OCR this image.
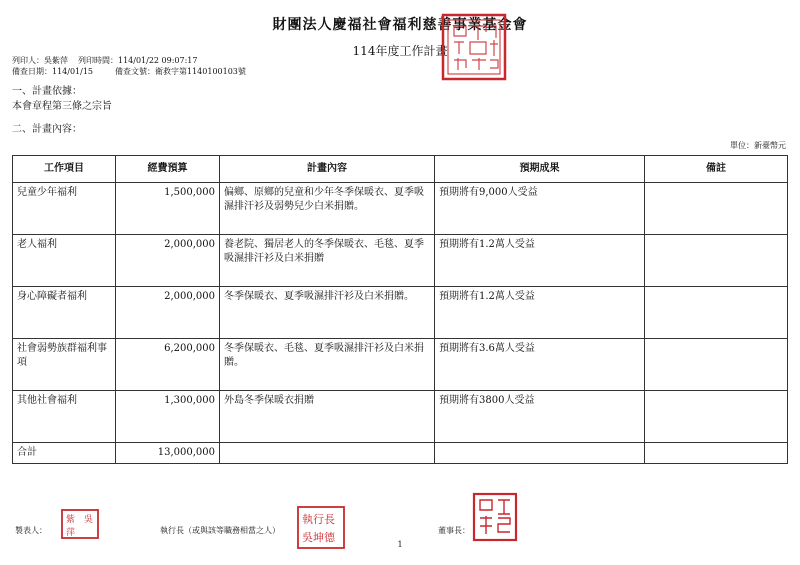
財團法人慶福社會福利慈善事業基金會
114年度工作計畫
列印人：吳紫萍 列印時間：114/01/22 09:07:17
備查日期：114/01/15	備查文號：衛救字第1140100103號
一、計畫依據：
本會章程第三條之宗旨
二、計畫內容：
單位：新臺幣元
工作項目	經費預算	計畫內容	預期成果	備註
兒童少年福利	1,500,000	偏鄉、原鄉的兒童和少年冬季保暖衣、夏季吸濕排汗衫及弱勢兒少白米捐贈。	預期將有9,000人受益	
老人福利	2,000,000	養老院、獨居老人的冬季保暖衣、毛毯、夏季吸濕排汗衫及白米捐贈	預期將有1.2萬人受益	
身心障礙者福利	2,000,000	冬季保暖衣、夏季吸濕排汗衫及白米捐贈。	預期將有1.2萬人受益	
社會弱勢族群福利事項	6,200,000	冬季保暖衣、毛毯、夏季吸濕排汗衫及白米捐贈。	預期將有3.6萬人受益	
其他社會福利	1,300,000	外島冬季保暖衣捐贈	預期將有3800人受益	
合計	13,000,000			
製表人：
吳
紫
萍	執行長（或與該等職務相當之人）
執行長
吳坤德
董事長：
1
